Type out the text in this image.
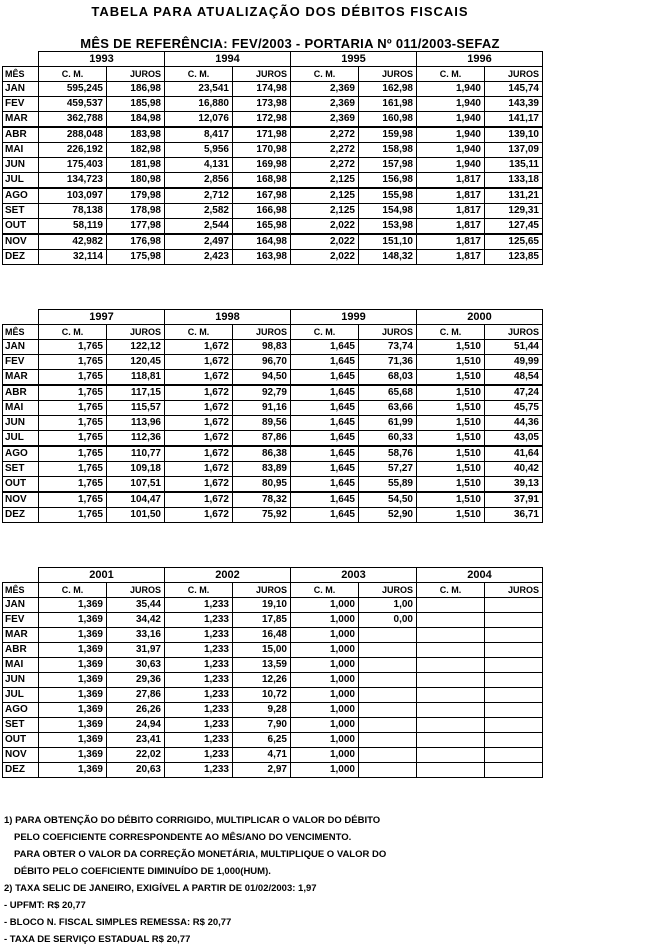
TABELA PARA ATUALIZAÇÃO DOS DÉBITOS FISCAIS
MÊS DE REFERÊNCIA: FEV/2003 - PORTARIA Nº 011/2003-SEFAZ
	1993		1994		1995		1996	
MÊS	C. M.	JUROS	C. M.	JUROS	C. M.	JUROS	C. M.	JUROS
JAN	595,245	186,98	23,541	174,98	2,369	162,98	1,940	145,74
FEV	459,537	185,98	16,880	173,98	2,369	161,98	1,940	143,39
MAR	362,788	184,98	12,076	172,98	2,369	160,98	1,940	141,17
ABR	288,048	183,98	8,417	171,98	2,272	159,98	1,940	139,10
MAI	226,192	182,98	5,956	170,98	2,272	158,98	1,940	137,09
JUN	175,403	181,98	4,131	169,98	2,272	157,98	1,940	135,11
JUL	134,723	180,98	2,856	168,98	2,125	156,98	1,817	133,18
AGO	103,097	179,98	2,712	167,98	2,125	155,98	1,817	131,21
SET	78,138	178,98	2,582	166,98	2,125	154,98	1,817	129,31
OUT	58,119	177,98	2,544	165,98	2,022	153,98	1,817	127,45
NOV	42,982	176,98	2,497	164,98	2,022	151,10	1,817	125,65
DEZ	32,114	175,98	2,423	163,98	2,022	148,32	1,817	123,85
	1997		1998		1999		2000	
MÊS	C. M.	JUROS	C. M.	JUROS	C. M.	JUROS	C. M.	JUROS
JAN	1,765	122,12	1,672	98,83	1,645	73,74	1,510	51,44
FEV	1,765	120,45	1,672	96,70	1,645	71,36	1,510	49,99
MAR	1,765	118,81	1,672	94,50	1,645	68,03	1,510	48,54
ABR	1,765	117,15	1,672	92,79	1,645	65,68	1,510	47,24
MAI	1,765	115,57	1,672	91,16	1,645	63,66	1,510	45,75
JUN	1,765	113,96	1,672	89,56	1,645	61,99	1,510	44,36
JUL	1,765	112,36	1,672	87,86	1,645	60,33	1,510	43,05
AGO	1,765	110,77	1,672	86,38	1,645	58,76	1,510	41,64
SET	1,765	109,18	1,672	83,89	1,645	57,27	1,510	40,42
OUT	1,765	107,51	1,672	80,95	1,645	55,89	1,510	39,13
NOV	1,765	104,47	1,672	78,32	1,645	54,50	1,510	37,91
DEZ	1,765	101,50	1,672	75,92	1,645	52,90	1,510	36,71
	2001		2002		2003		2004	
MÊS	C. M.	JUROS	C. M.	JUROS	C. M.	JUROS	C. M.	JUROS
JAN	1,369	35,44	1,233	19,10	1,000	1,00		
FEV	1,369	34,42	1,233	17,85	1,000	0,00		
MAR	1,369	33,16	1,233	16,48	1,000			
ABR	1,369	31,97	1,233	15,00	1,000			
MAI	1,369	30,63	1,233	13,59	1,000			
JUN	1,369	29,36	1,233	12,26	1,000			
JUL	1,369	27,86	1,233	10,72	1,000			
AGO	1,369	26,26	1,233	9,28	1,000			
SET	1,369	24,94	1,233	7,90	1,000			
OUT	1,369	23,41	1,233	6,25	1,000			
NOV	1,369	22,02	1,233	4,71	1,000			
DEZ	1,369	20,63	1,233	2,97	1,000			
1) PARA OBTENÇÃO DO DÉBITO CORRIGIDO, MULTIPLICAR O VALOR DO DÉBITO
PELO COEFICIENTE CORRESPONDENTE AO MÊS/ANO DO VENCIMENTO.
PARA OBTER O VALOR DA CORREÇÃO MONETÁRIA, MULTIPLIQUE O VALOR DO
DÉBITO PELO COEFICIENTE DIMINUÍDO DE 1,000(HUM).
2) TAXA SELIC DE JANEIRO, EXIGÍVEL A PARTIR DE 01/02/2003: 1,97
- UPFMT: R$ 20,77
- BLOCO N. FISCAL SIMPLES REMESSA: R$ 20,77
- TAXA DE SERVIÇO ESTADUAL R$ 20,77
